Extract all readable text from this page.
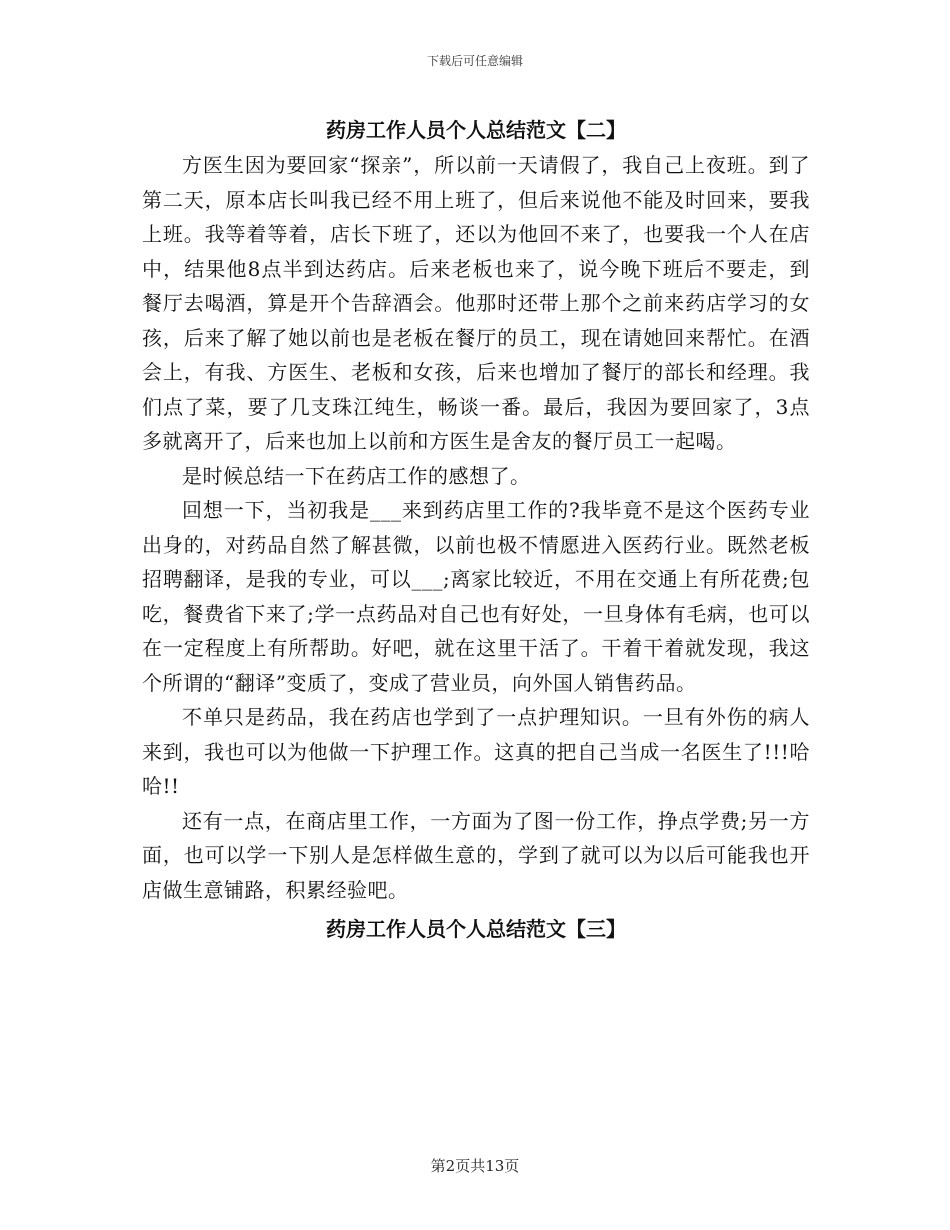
下载后可任意编辑
药房工作人员个人总结范文【二】

方医生因为要回家“探亲”，所以前一天请假了，我自己上夜班。到了第二天，原本店长叫我已经不用上班了，但后来说他不能及时回来，要我上班。我等着等着，店长下班了，还以为他回不来了，也要我一个人在店中，结果他8点半到达药店。后来老板也来了，说今晚下班后不要走，到餐厅去喝酒，算是开个告辞酒会。他那时还带上那个之前来药店学习的女孩，后来了解了她以前也是老板在餐厅的员工，现在请她回来帮忙。在酒会上，有我、方医生、老板和女孩，后来也增加了餐厅的部长和经理。我们点了菜，要了几支珠江纯生，畅谈一番。最后，我因为要回家了，3点多就离开了，后来也加上以前和方医生是舍友的餐厅员工一起喝。

是时候总结一下在药店工作的感想了。

回想一下，当初我是___来到药店里工作的?我毕竟不是这个医药专业出身的，对药品自然了解甚微，以前也极不情愿进入医药行业。既然老板招聘翻译，是我的专业，可以___;离家比较近，不用在交通上有所花费;包吃，餐费省下来了;学一点药品对自己也有好处，一旦身体有毛病，也可以在一定程度上有所帮助。好吧，就在这里干活了。干着干着就发现，我这个所谓的“翻译”变质了，变成了营业员，向外国人销售药品。

不单只是药品，我在药店也学到了一点护理知识。一旦有外伤的病人来到，我也可以为他做一下护理工作。这真的把自己当成一名医生了!!!哈哈!!

还有一点，在商店里工作，一方面为了图一份工作，挣点学费;另一方面，也可以学一下别人是怎样做生意的，学到了就可以为以后可能我也开店做生意铺路，积累经验吧。

药房工作人员个人总结范文【三】
第2页共13页
